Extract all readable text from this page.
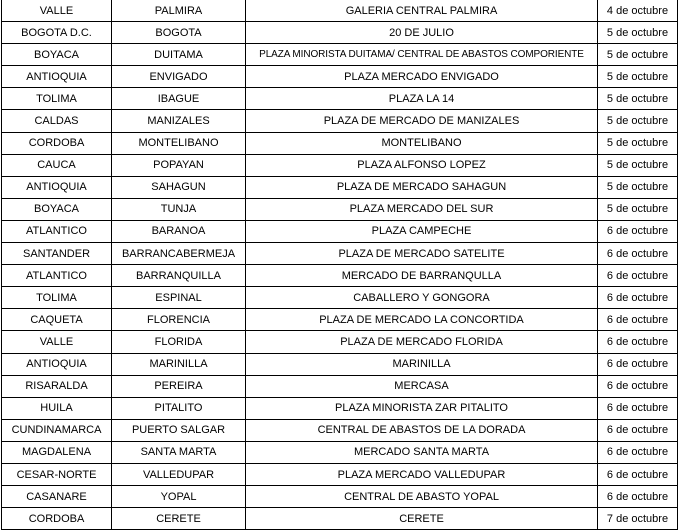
VALLE	PALMIRA	GALERIA CENTRAL PALMIRA	4 de octubre
BOGOTA D.C.	BOGOTA	20 DE JULIO	5 de octubre
BOYACA	DUITAMA	PLAZA MINORISTA DUITAMA/ CENTRAL DE ABASTOS COMPORIENTE	5 de octubre
ANTIOQUIA	ENVIGADO	PLAZA MERCADO ENVIGADO	5 de octubre
TOLIMA	IBAGUE	PLAZA LA 14	5 de octubre
CALDAS	MANIZALES	PLAZA DE MERCADO DE MANIZALES	5 de octubre
CORDOBA	MONTELIBANO	MONTELIBANO	5 de octubre
CAUCA	POPAYAN	PLAZA ALFONSO LOPEZ	5 de octubre
ANTIOQUIA	SAHAGUN	PLAZA DE MERCADO SAHAGUN	5 de octubre
BOYACA	TUNJA	PLAZA MERCADO DEL SUR	5 de octubre
ATLANTICO	BARANOA	PLAZA CAMPECHE	6 de octubre
SANTANDER	BARRANCABERMEJA	PLAZA DE MERCADO SATELITE	6 de octubre
ATLANTICO	BARRANQUILLA	MERCADO DE BARRANQULLA	6 de octubre
TOLIMA	ESPINAL	CABALLERO Y GONGORA	6 de octubre
CAQUETA	FLORENCIA	PLAZA DE MERCADO LA CONCORTIDA	6 de octubre
VALLE	FLORIDA	PLAZA DE MERCADO FLORIDA	6 de octubre
ANTIOQUIA	MARINILLA	MARINILLA	6 de octubre
RISARALDA	PEREIRA	MERCASA	6 de octubre
HUILA	PITALITO	PLAZA MINORISTA ZAR PITALITO	6 de octubre
CUNDINAMARCA	PUERTO SALGAR	CENTRAL DE ABASTOS DE LA DORADA	6 de octubre
MAGDALENA	SANTA MARTA	MERCADO SANTA MARTA	6 de octubre
CESAR-NORTE	VALLEDUPAR	PLAZA MERCADO VALLEDUPAR	6 de octubre
CASANARE	YOPAL	CENTRAL DE ABASTO YOPAL	6 de octubre
CORDOBA	CERETE	CERETE	7 de octubre
